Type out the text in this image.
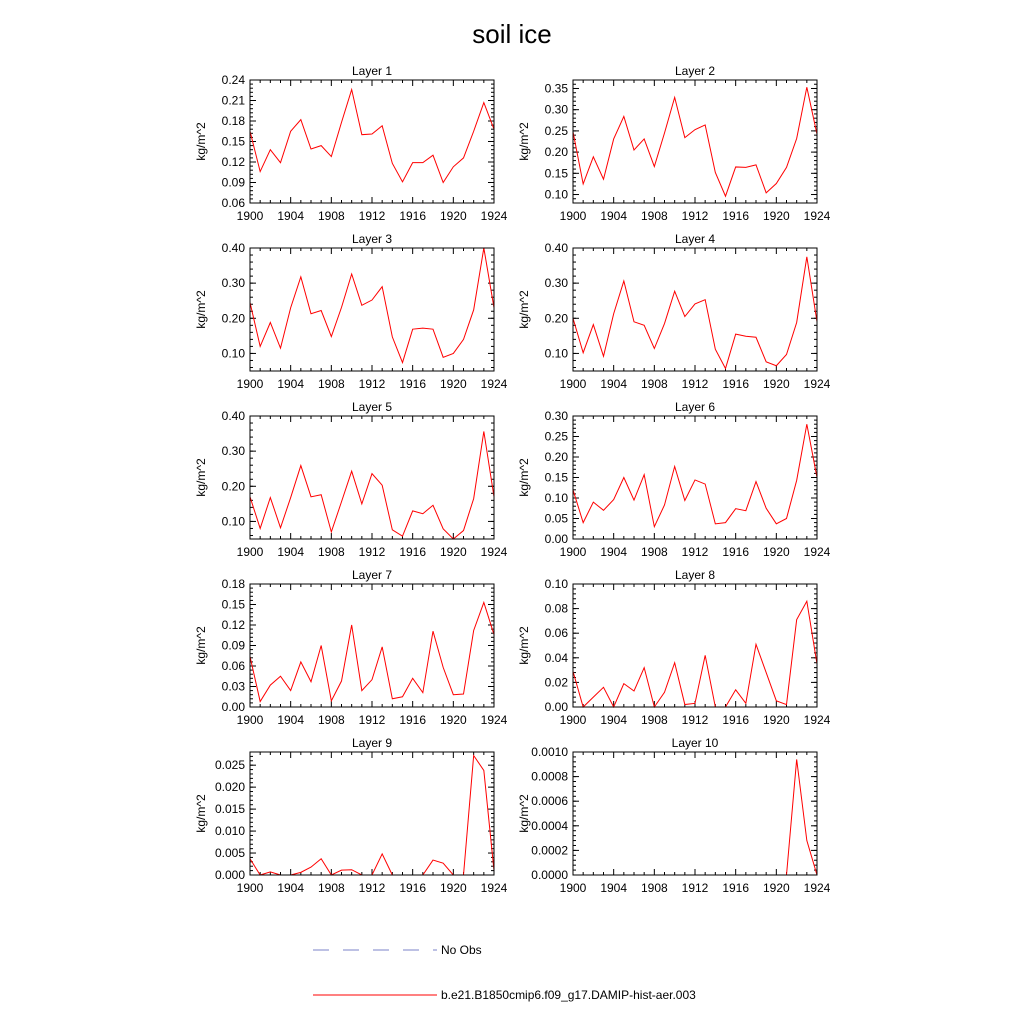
soil ice
Layer 1
kg/m^2
1900 1904 1908 1912 1916 1920 1924
0.06
0.09
0.12
0.15
0.18
0.21
0.24
Layer 2
kg/m^2
1900 1904 1908 1912 1916 1920 1924
0.10
0.15
0.20
0.25
0.30
0.35
Layer 3
kg/m^2
1900 1904 1908 1912 1916 1920 1924
0.10
0.20
0.30
0.40
Layer 4
kg/m^2
1900 1904 1908 1912 1916 1920 1924
0.10
0.20
0.30
0.40
Layer 5
kg/m^2
1900 1904 1908 1912 1916 1920 1924
0.10
0.20
0.30
0.40
Layer 6
kg/m^2
1900 1904 1908 1912 1916 1920 1924
0.00
0.05
0.10
0.15
0.20
0.25
0.30
Layer 7
kg/m^2
1900 1904 1908 1912 1916 1920 1924
0.00
0.03
0.06
0.09
0.12
0.15
0.18
Layer 8
kg/m^2
1900 1904 1908 1912 1916 1920 1924
0.00
0.02
0.04
0.06
0.08
0.10
Layer 9
kg/m^2
1900 1904 1908 1912 1916 1920 1924
0.000
0.005
0.010
0.015
0.020
0.025
Layer 10
kg/m^2
1900 1904 1908 1912 1916 1920 1924
0.0000
0.0002
0.0004
0.0006
0.0008
0.0010
No Obs
b.e21.B1850cmip6.f09_g17.DAMIP-hist-aer.003
